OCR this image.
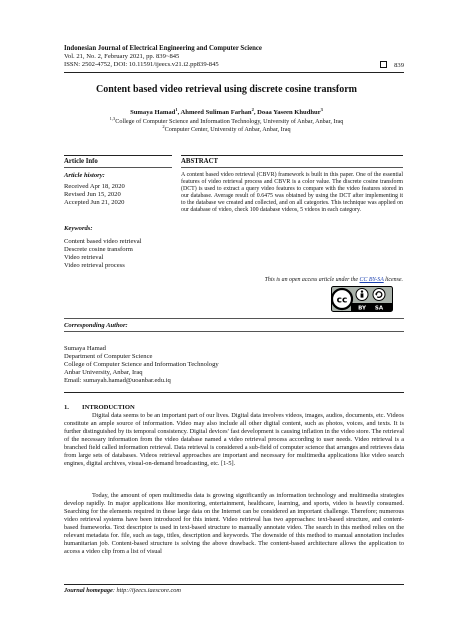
Indonesian Journal of Electrical Engineering and Computer Science
Vol. 21, No. 2, February 2021, pp. 839~845
ISSN: 2502-4752, DOI: 10.11591/ijeecs.v21.i2.pp839-845	839
Content based video retrieval using discrete cosine transform
Sumaya Hamad$^1$, Ahmeed Suliman Farhan$^2$, Doaa Yaseen Khudhur$^3$
$^{1,3}$College of Computer Science and Information Technology, University of Anbar, Anbar, Iraq
$^2$Computer Center, University of Anbar, Anbar, Iraq
Article Info	ABSTRACT
Article history:
Received Apr 18, 2020
Revised Jun 15, 2020
Accepted Jun 21, 2020
Keywords:
Content based video retrieval
Descrete cosine transform
Video retrieval
Video retrieval process
A content based video retrieval (CBVR) framework is built in this paper. One of the essential features of video retrieval process and CBVR is a color value. The discrete cosine transform (DCT) is used to extract a query video features to compare with the video features stored in our database. Average result of 0.6475 was obtained by using the DCT after implementing it to the database we created and collected, and on all categories. This technique was applied on our database of video, check 100 database videos, 5 videos in each category.
This is an open access article under the CC BY-SA license.
cc
BY SA
Corresponding Author:
Sumaya Hamad
Department of Computer Science
College of Computer Science and Information Technology
Anbar University, Anbar, Iraq
Email: sumayah.hamad@uoanbar.edu.iq
1. INTRODUCTION

Digital data seems to be an important part of our lives. Digital data involves videos, images, audios, documents, etc. Videos constitute an ample source of information. Video may also include all other digital content, such as photos, voices, and texts. It is further distinguished by its temporal consistency. Digital devices' fast development is causing inflation in the video store. The retrieval of the necessary information from the video database named a video retrieval process according to user needs. Video retrieval is a branched field called information retrieval. Data retrieval is considered a sub-field of computer science that arranges and retrieves data from large sets of databases. Videos retrieval approaches are important and necessary for multimedia applications like video search engines, digital archives, visual-on-demand broadcasting, etc. [1-5].

Today, the amount of open multimedia data is growing significantly as information technology and multimedia strategies develop rapidly. In major applications like monitoring, entertainment, healthcare, learning, and sports, video is heavily consumed. Searching for the elements required in these large data on the Internet can be considered an important challenge. Therefore; numerous video retrieval systems have been introduced for this intent. Video retrieval has two approaches: text-based structure, and content-based frameworks. Text descriptor is used in text-based structure to manually annotate video. The search in this method relies on the relevant metadata for. file, such as tags, titles, description and keywords. The downside of this method to manual annotation includes humanitarian job. Content-based structure is solving the above drawback. The content-based architecture allows the application to access a video clip from a list of visual

Journal homepage: http://ijeecs.iaescore.com
